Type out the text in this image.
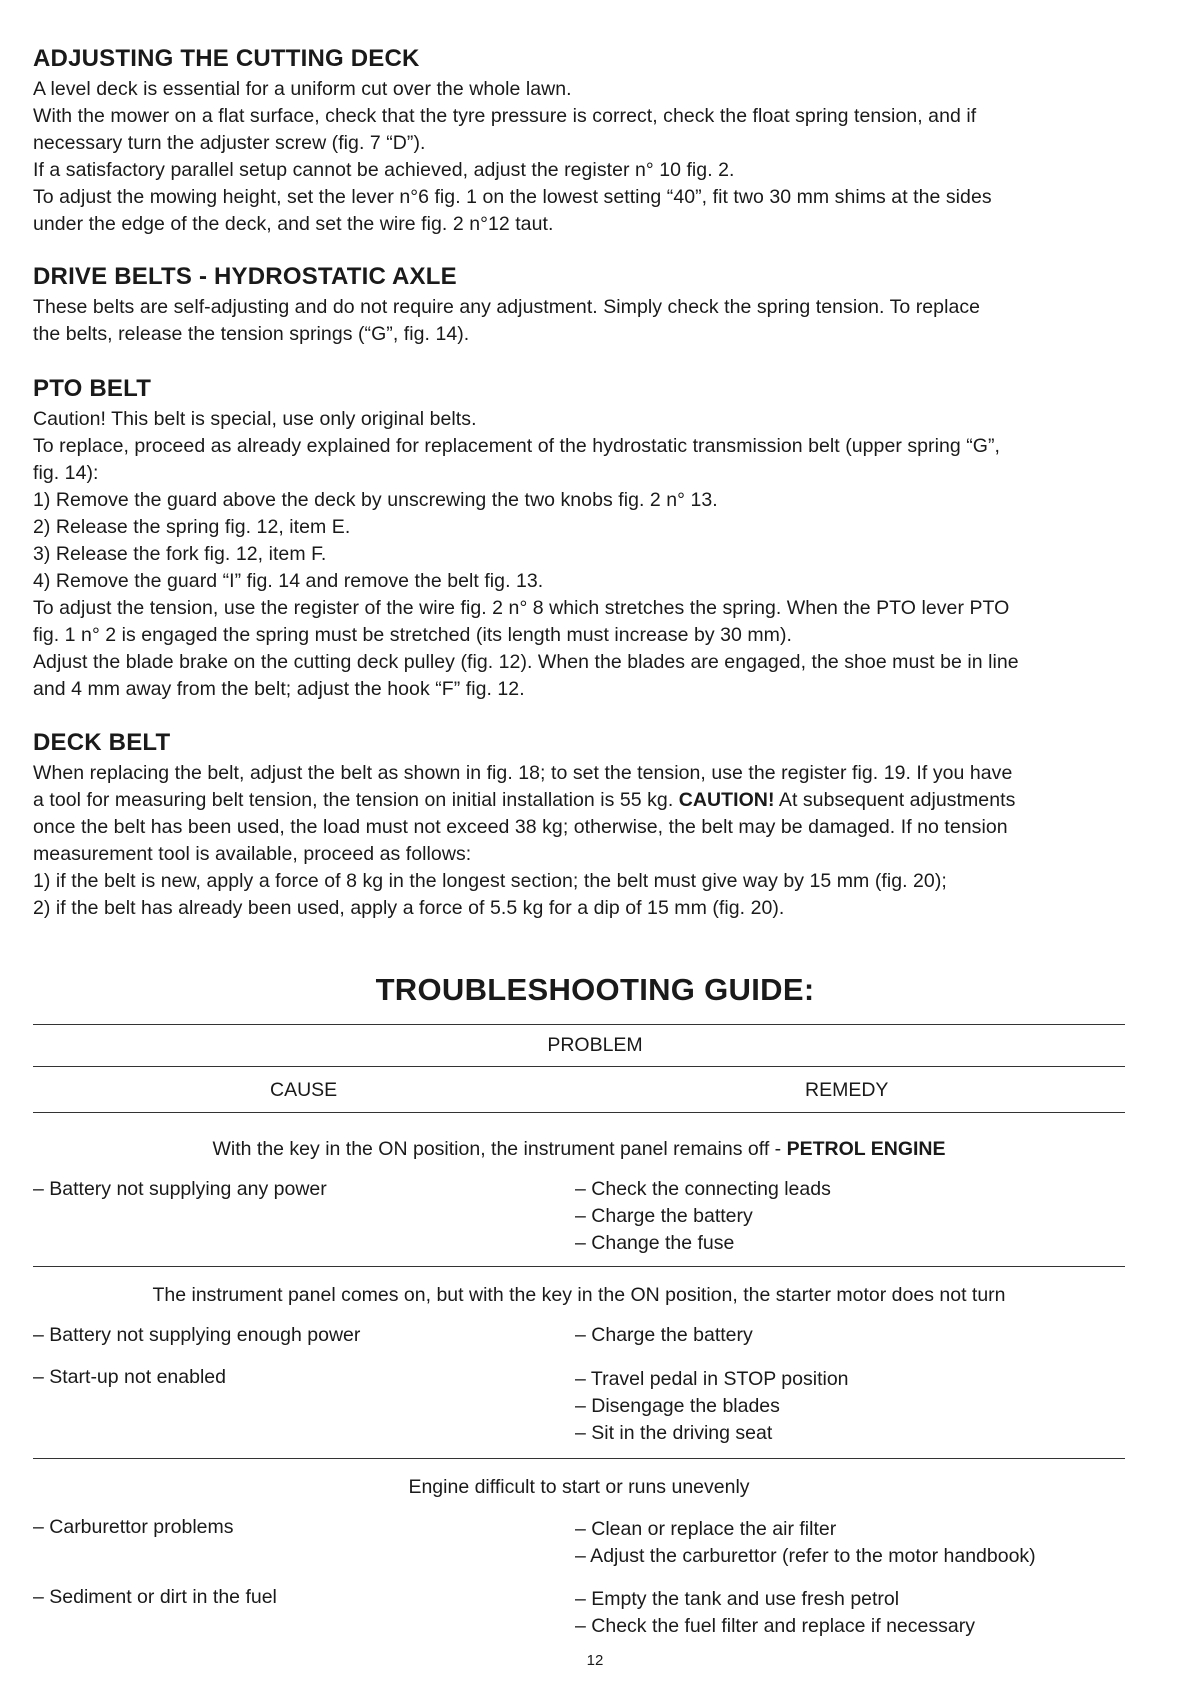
ADJUSTING THE CUTTING DECK

A level deck is essential for a uniform cut over the whole lawn.

With the mower on a flat surface, check that the tyre pressure is correct, check the float spring tension, and if

necessary turn the adjuster screw (fig. 7 “D”).

If a satisfactory parallel setup cannot be achieved, adjust the register n° 10 fig. 2.

To adjust the mowing height, set the lever n°6 fig. 1 on the lowest setting “40”, fit two 30 mm shims at the sides

under the edge of the deck, and set the wire fig. 2 n°12 taut.

DRIVE BELTS - HYDROSTATIC AXLE

These belts are self-adjusting and do not require any adjustment. Simply check the spring tension. To replace

the belts, release the tension springs (“G”, fig. 14).

PTO BELT

Caution! This belt is special, use only original belts.

To replace, proceed as already explained for replacement of the hydrostatic transmission belt (upper spring “G”,

fig. 14):

1) Remove the guard above the deck by unscrewing the two knobs fig. 2 n° 13.

2) Release the spring fig. 12, item E.

3) Release the fork fig. 12, item F.

4) Remove the guard “I” fig. 14 and remove the belt fig. 13.

To adjust the tension, use the register of the wire fig. 2 n° 8 which stretches the spring. When the PTO lever PTO

fig. 1 n° 2 is engaged the spring must be stretched (its length must increase by 30 mm).

Adjust the blade brake on the cutting deck pulley (fig. 12). When the blades are engaged, the shoe must be in line

and 4 mm away from the belt; adjust the hook “F” fig. 12.

DECK BELT

When replacing the belt, adjust the belt as shown in fig. 18; to set the tension, use the register fig. 19. If you have

a tool for measuring belt tension, the tension on initial installation is 55 kg. CAUTION! At subsequent adjustments

once the belt has been used, the load must not exceed 38 kg; otherwise, the belt may be damaged. If no tension

measurement tool is available, proceed as follows:

1) if the belt is new, apply a force of 8 kg in the longest section; the belt must give way by 15 mm (fig. 20);

2) if the belt has already been used, apply a force of 5.5 kg for a dip of 15 mm (fig. 20).

TROUBLESHOOTING GUIDE:
PROBLEM
CAUSE	REMEDY
With the key in the ON position, the instrument panel remains off - PETROL ENGINE
– Battery not supplying any power	– Check the connecting leads
– Charge the battery
– Change the fuse
The instrument panel comes on, but with the key in the ON position, the starter motor does not turn
– Battery not supplying enough power	– Charge the battery
– Start-up not enabled	– Travel pedal in STOP position
– Disengage the blades
– Sit in the driving seat
Engine difficult to start or runs unevenly
– Carburettor problems	– Clean or replace the air filter
– Adjust the carburettor (refer to the motor handbook)
– Sediment or dirt in the fuel	– Empty the tank and use fresh petrol
– Check the fuel filter and replace if necessary
12
